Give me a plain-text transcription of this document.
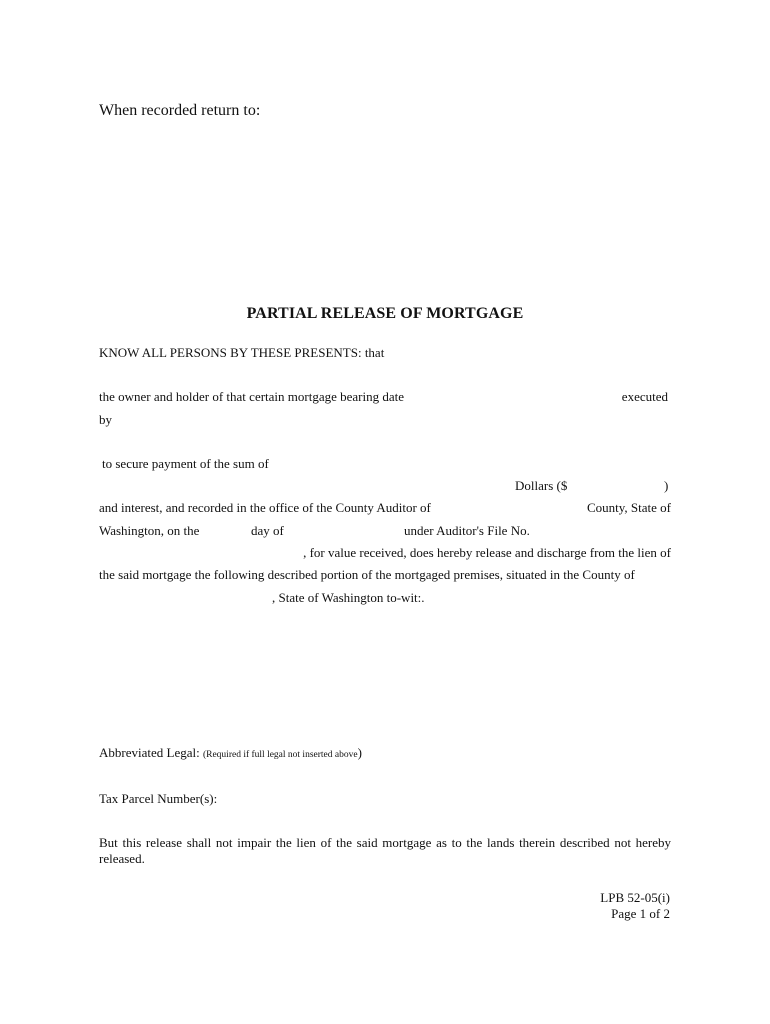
When recorded return to:
PARTIAL RELEASE OF MORTGAGE
KNOW ALL PERSONS BY THESE PRESENTS: that
the owner and holder of that certain mortgage bearing date	executed
by
to secure payment of the sum of
Dollars ($	)
and interest, and recorded in the office of the County Auditor of	County, State of
Washington, on the	day of	under Auditor's File No.
, for value received, does hereby release and discharge from the lien of
the said mortgage the following described portion of the mortgaged premises, situated in the County of
, State of Washington to-wit:.
Abbreviated Legal: (Required if full legal not inserted above)
Tax Parcel Number(s):
But this release shall not impair the lien of the said mortgage as to the lands therein described not hereby
released.
LPB 52-05(i)
Page 1 of 2
